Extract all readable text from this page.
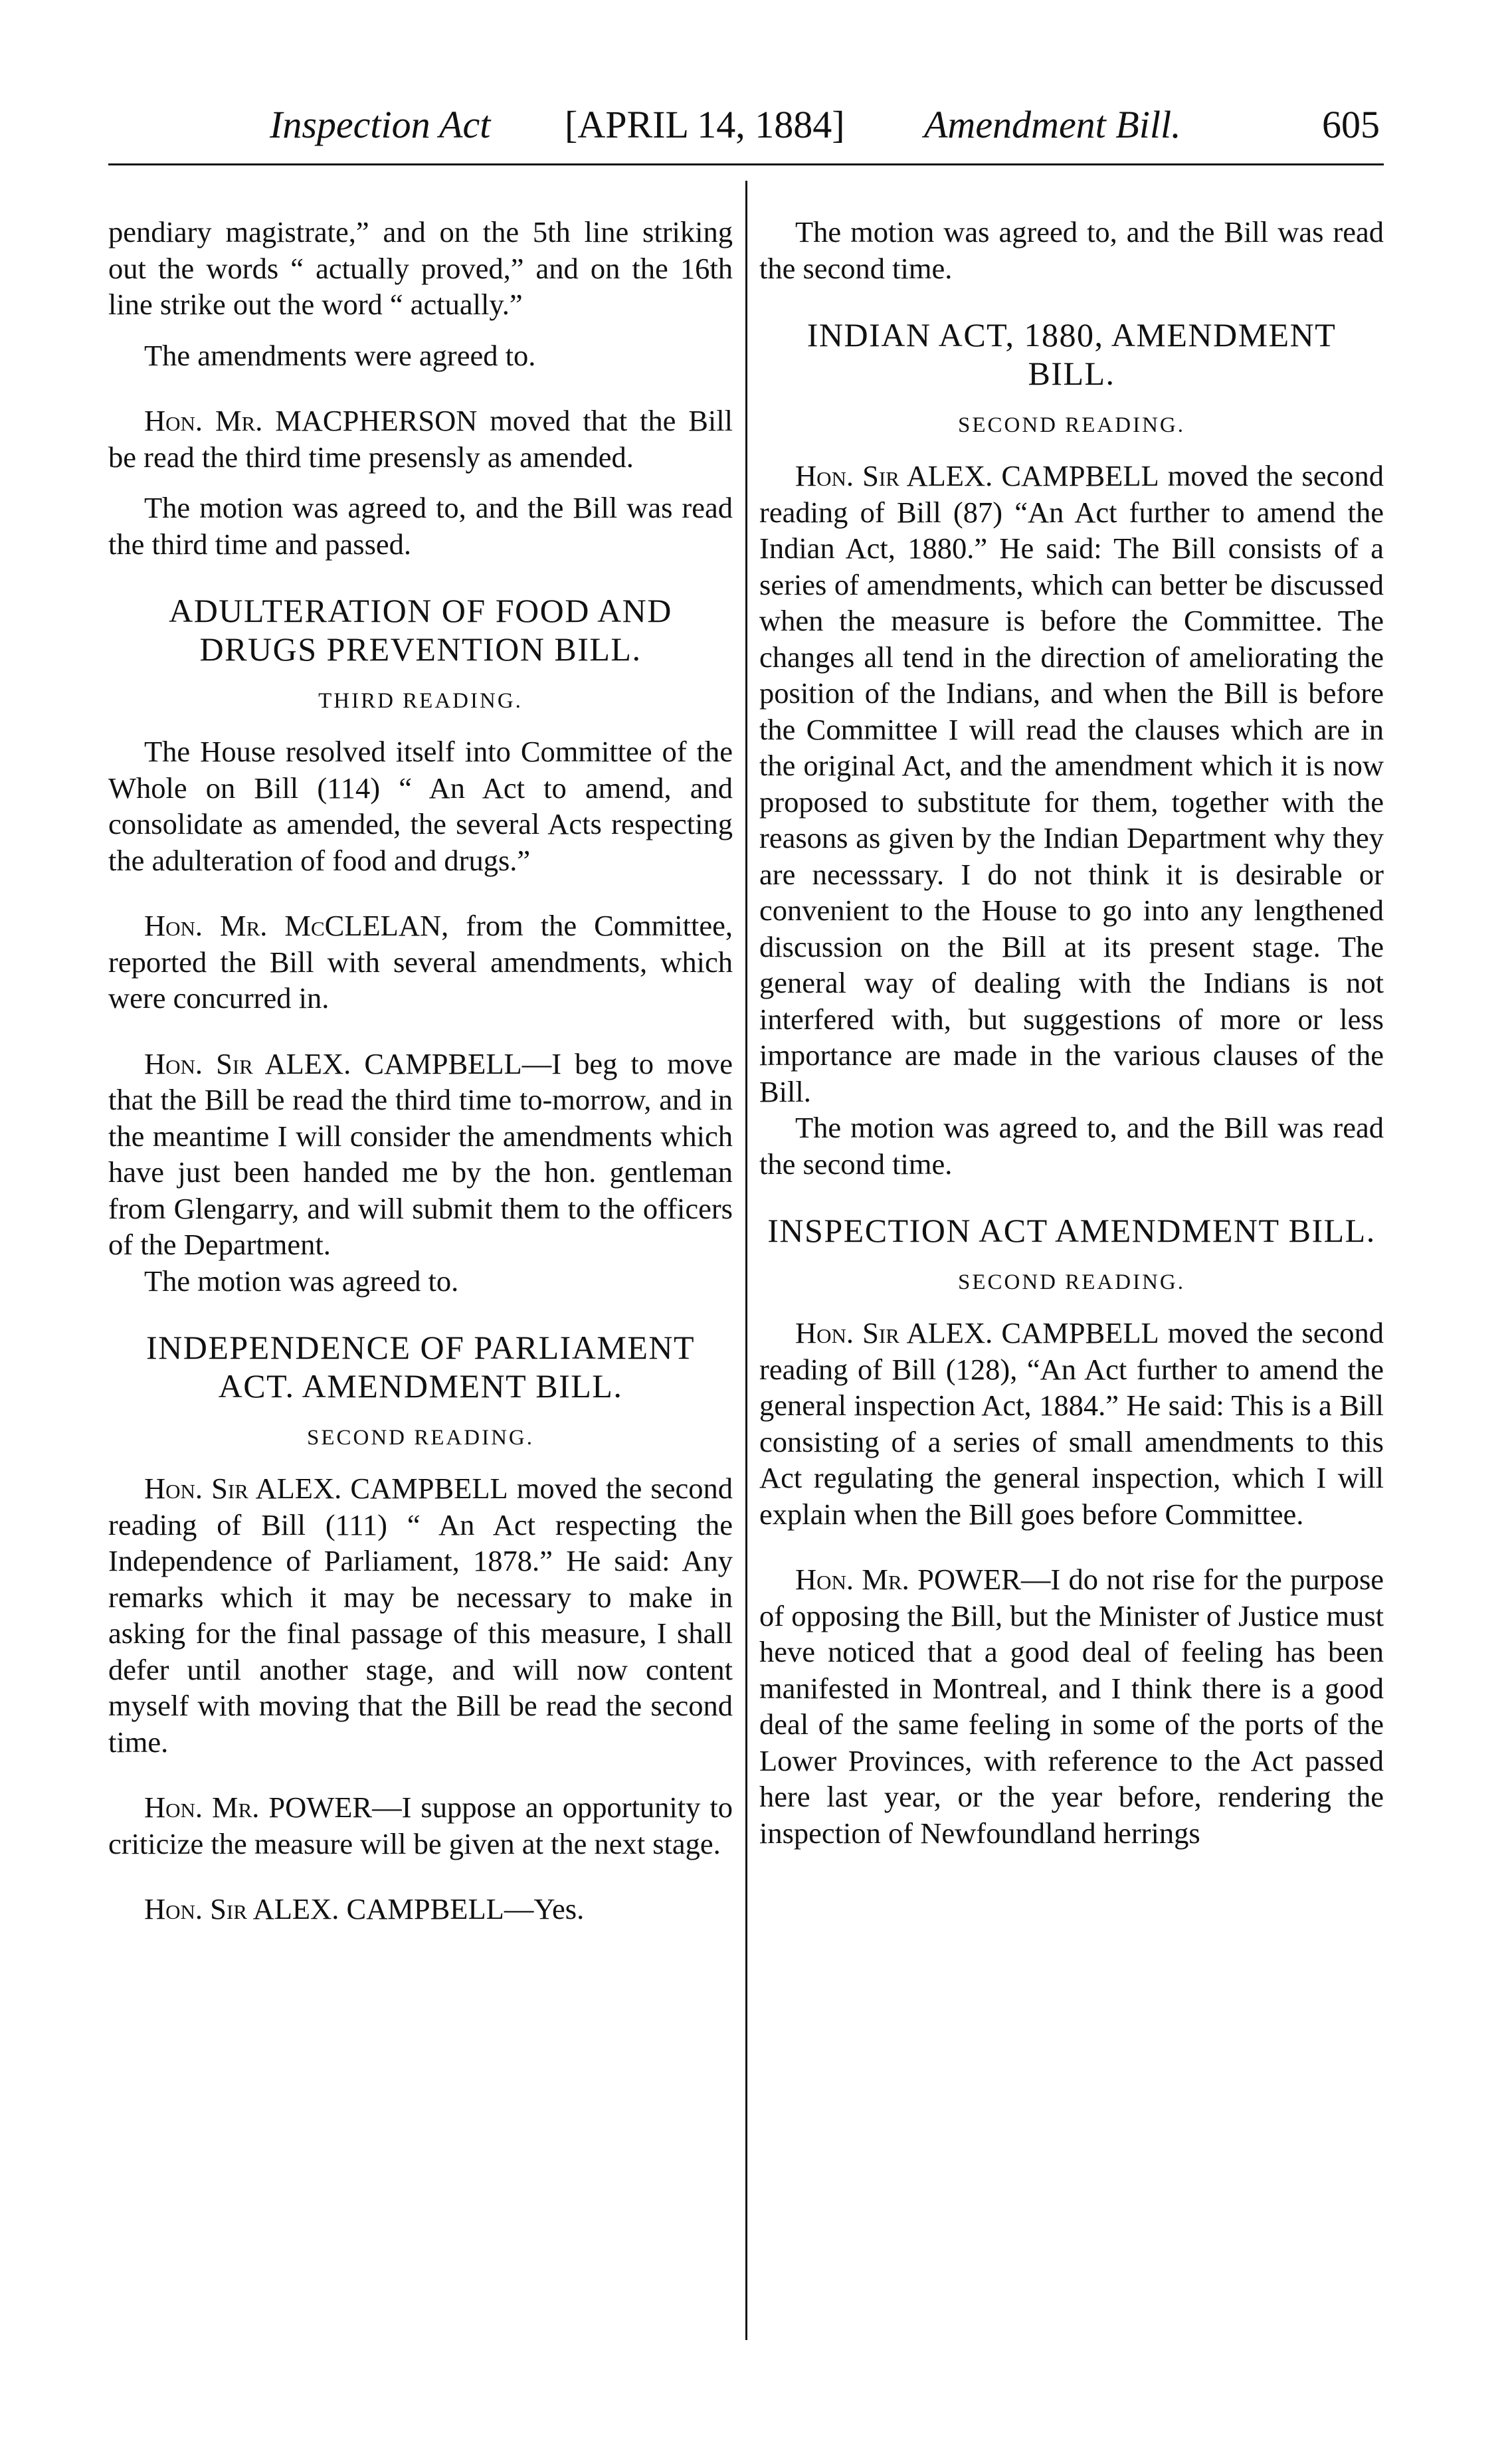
Inspection Act [APRIL 14, 1884] Amendment Bill.	605

pendiary magistrate,” and on the 5th line striking out the words “ actually proved,” and on the 16th line strike out the word “ actually.”

The amendments were agreed to.

Hon. Mr. MACPHERSON moved that the Bill be read the third time presensly as amended.

The motion was agreed to, and the Bill was read the third time and passed.

ADULTERATION OF FOOD AND DRUGS PREVENTION BILL.

THIRD READING.

The House resolved itself into Committee of the Whole on Bill (114) “ An Act to amend, and consolidate as amended, the several Acts respecting the adulteration of food and drugs.”

Hon. Mr. McCLELAN, from the Committee, reported the Bill with several amendments, which were concurred in.

Hon. Sir ALEX. CAMPBELL—I beg to move that the Bill be read the third time to-morrow, and in the meantime I will consider the amendments which have just been handed me by the hon. gentleman from Glengarry, and will submit them to the officers of the Department.

The motion was agreed to.

INDEPENDENCE OF PARLIAMENT ACT. AMENDMENT BILL.

SECOND READING.

Hon. Sir ALEX. CAMPBELL moved the second reading of Bill (111) “ An Act respecting the Independence of Parliament, 1878.” He said: Any remarks which it may be necessary to make in asking for the final passage of this measure, I shall defer until another stage, and will now content myself with moving that the Bill be read the second time.

Hon. Mr. POWER—I suppose an opportunity to criticize the measure will be given at the next stage.

Hon. Sir ALEX. CAMPBELL—Yes.

The motion was agreed to, and the Bill was read the second time.

INDIAN ACT, 1880, AMENDMENT BILL.

SECOND READING.

Hon. Sir ALEX. CAMPBELL moved the second reading of Bill (87) “An Act further to amend the Indian Act, 1880.” He said: The Bill consists of a series of amendments, which can better be discussed when the measure is before the Committee. The changes all tend in the direction of ameliorating the position of the Indians, and when the Bill is before the Committee I will read the clauses which are in the original Act, and the amendment which it is now proposed to substitute for them, together with the reasons as given by the Indian Department why they are necesssary. I do not think it is desirable or convenient to the House to go into any lengthened discussion on the Bill at its present stage. The general way of dealing with the Indians is not interfered with, but suggestions of more or less importance are made in the various clauses of the Bill.

The motion was agreed to, and the Bill was read the second time.

INSPECTION ACT AMENDMENT BILL.

SECOND READING.

Hon. Sir ALEX. CAMPBELL moved the second reading of Bill (128), “An Act further to amend the general inspection Act, 1884.” He said: This is a Bill consisting of a series of small amendments to this Act regulating the general inspection, which I will explain when the Bill goes before Committee.

Hon. Mr. POWER—I do not rise for the purpose of opposing the Bill, but the Minister of Justice must heve noticed that a good deal of feeling has been manifested in Montreal, and I think there is a good deal of the same feeling in some of the ports of the Lower Provinces, with reference to the Act passed here last year, or the year before, rendering the inspection of Newfoundland herrings
